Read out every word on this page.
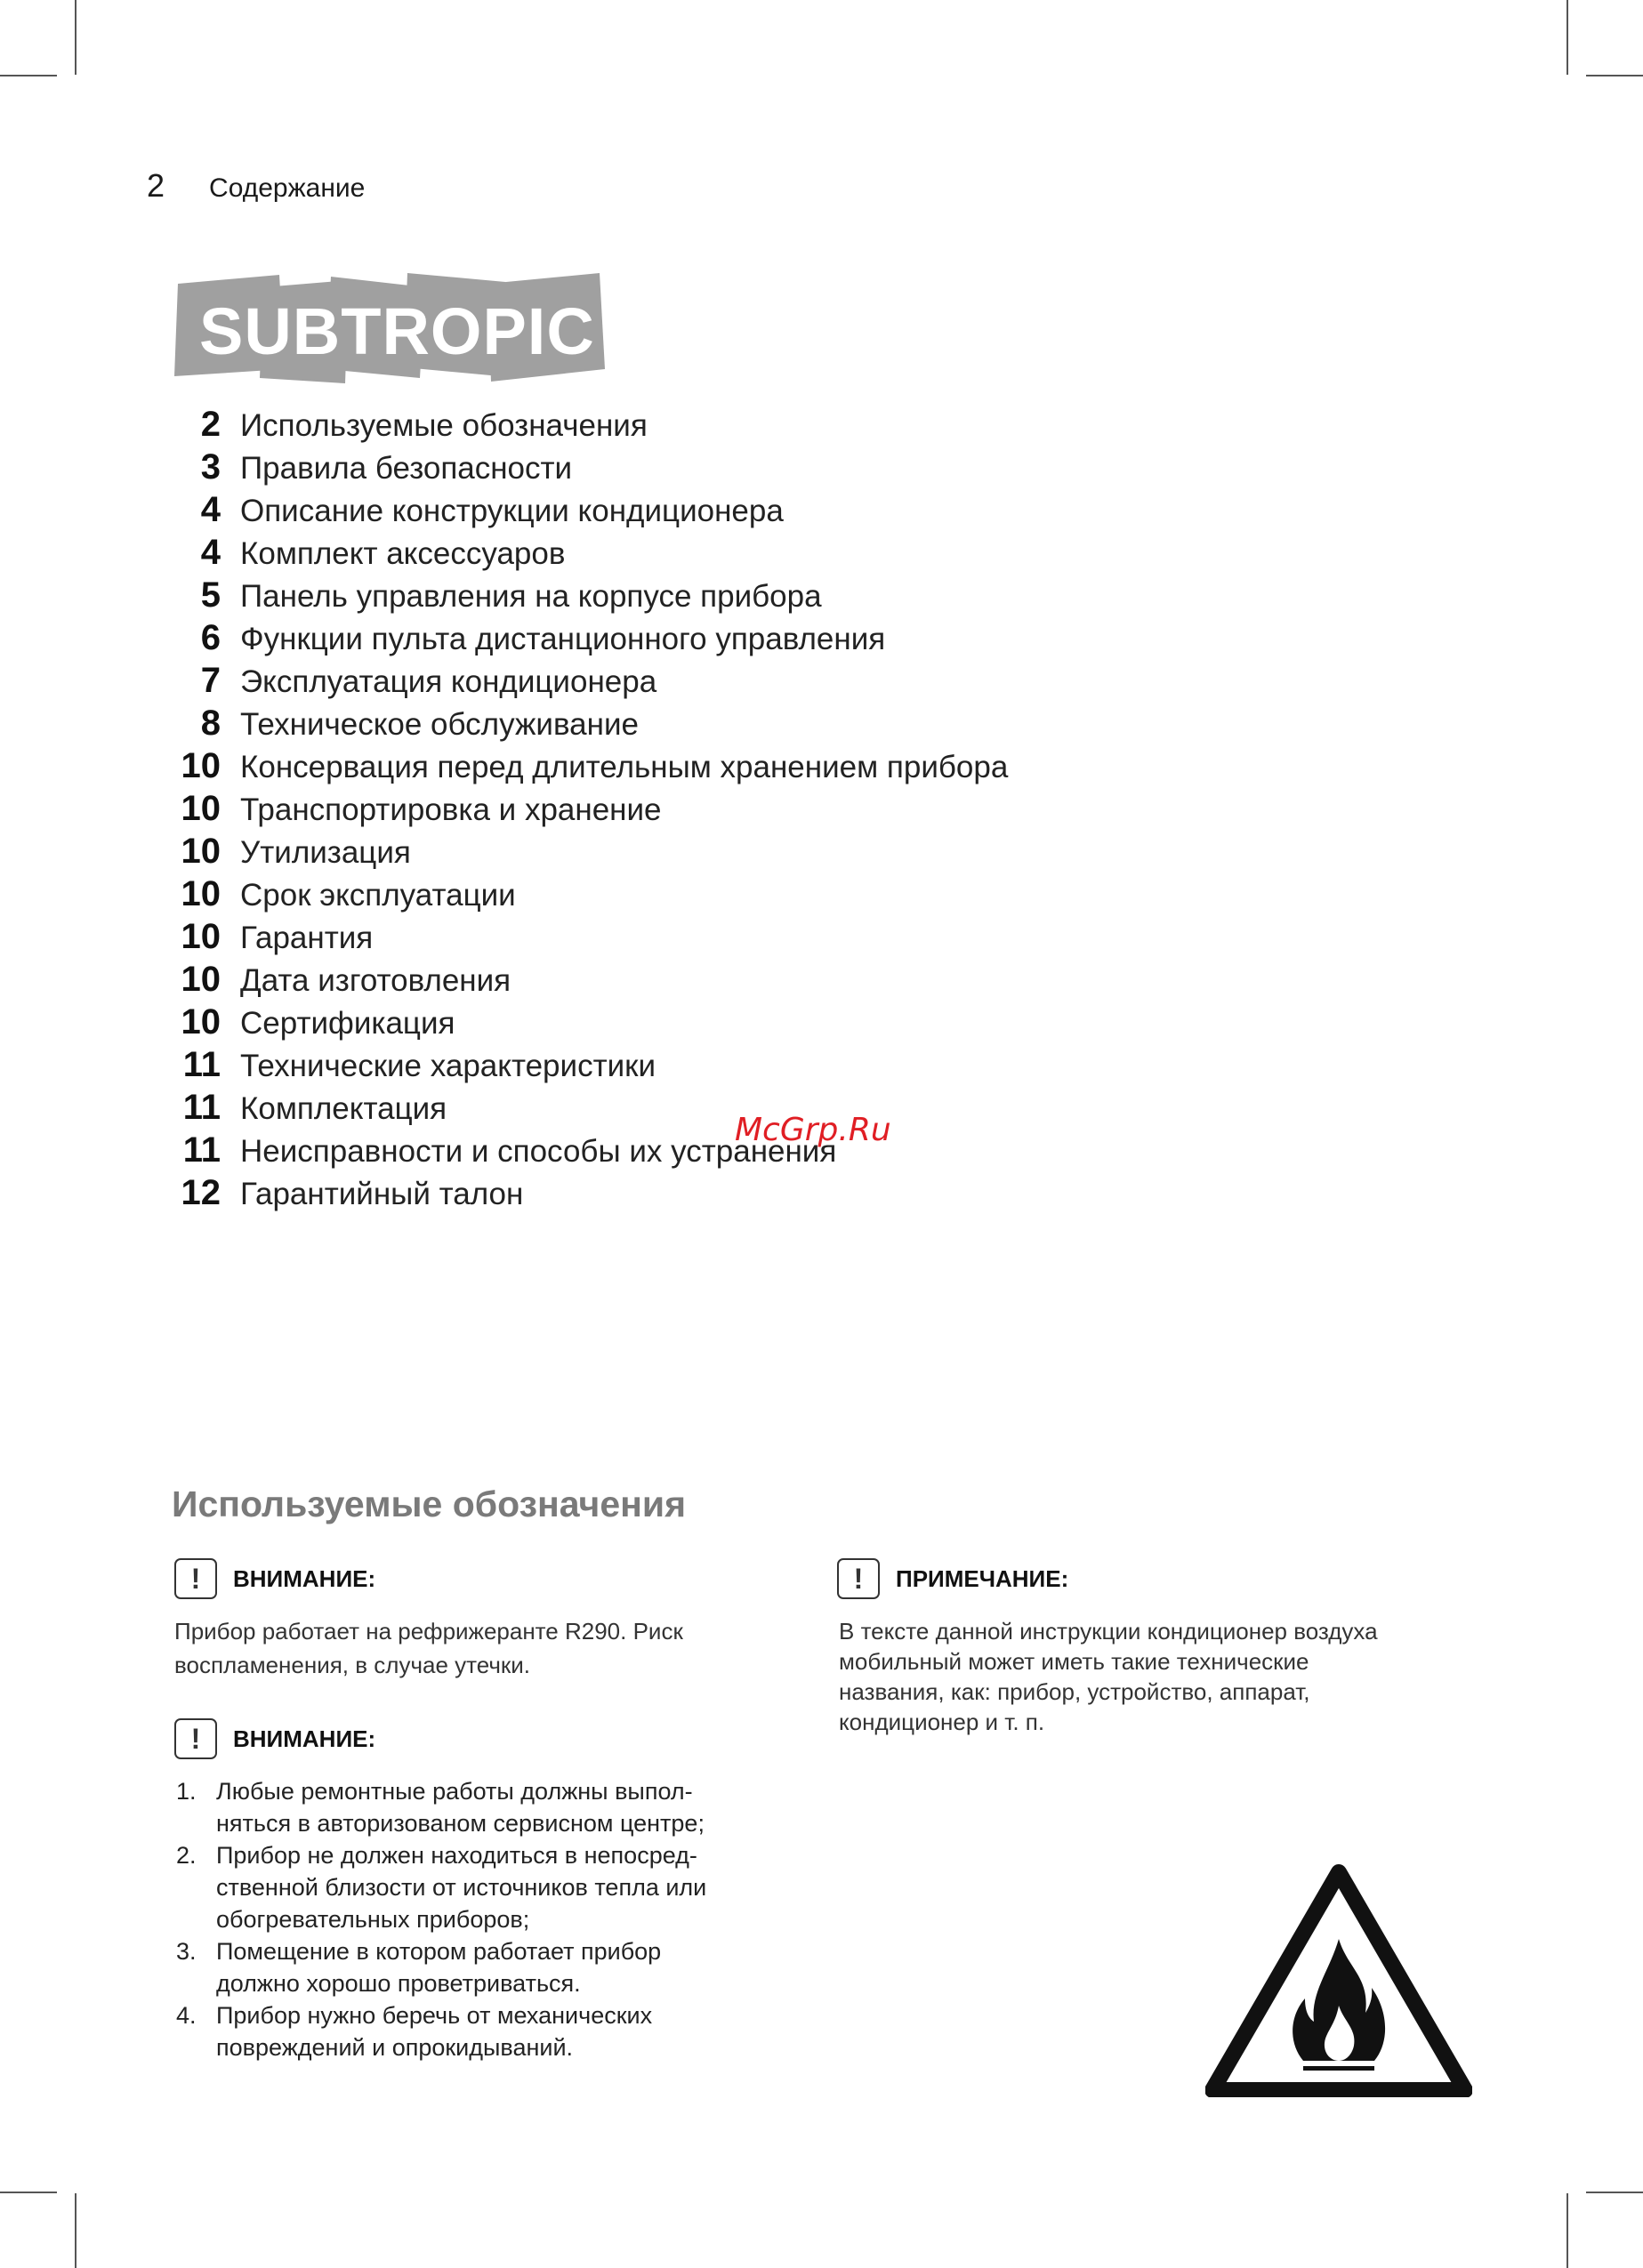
2 Содержание
SUBTROPIC
2 Используемые обозначения
3 Правила безопасности
4 Описание конструкции кондиционера
4 Комплект аксессуаров
5 Панель управления на корпусе прибора
6 Функции пульта дистанционного управления
7 Эксплуатация кондиционера
8 Техническое обслуживание
10 Консервация перед длительным хранением прибора
10 Транспортировка и хранение
10 Утилизация
10 Срок эксплуатации
10 Гарантия
10 Дата изготовления
10 Сертификация
11 Технические характеристики
11 Комплектация
11 Неисправности и способы их устранения
12 Гарантийный талон
McGrp.Ru
Используемые обозначения
!	ВНИМАНИЕ:

Прибор работает на рефрижеранте R290. Риск
воспламенения, в случае утечки.

!	ВНИМАНИЕ:
1. Любые ремонтные работы должны выпол-
няться в авторизованом сервисном центре;
2. Прибор не должен находиться в непосред-
ственной близости от источников тепла или
обогревательных приборов;
3. Помещение в котором работает прибор
должно хорошо проветриваться.
4. Прибор нужно беречь от механических
повреждений и опрокидываний.
!	ПРИМЕЧАНИЕ:

В тексте данной инструкции кондиционер воздуха
мобильный может иметь такие технические
названия, как: прибор, устройство, аппарат,
кондиционер и т. п.
